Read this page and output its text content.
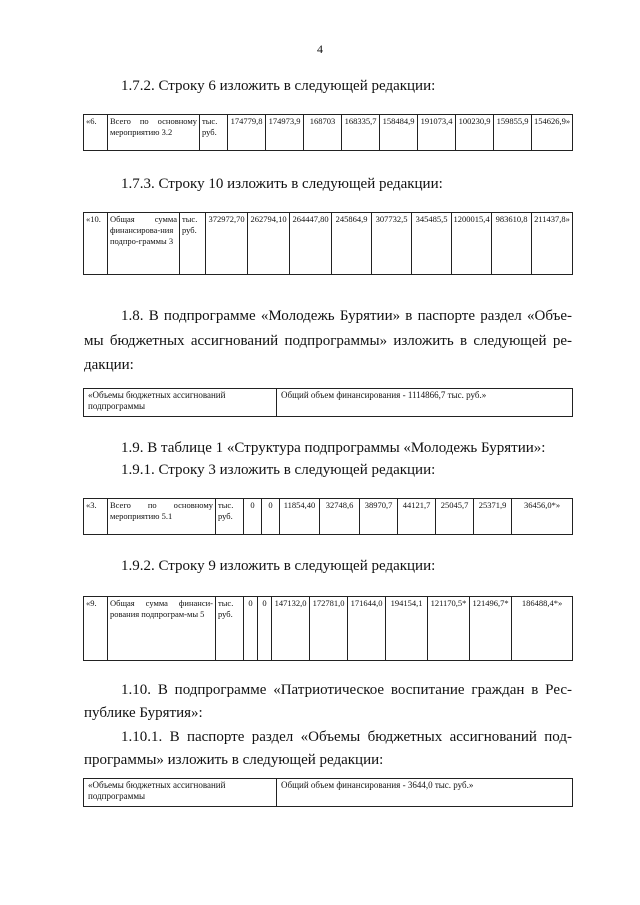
4

1.7.2. Строку 6 изложить в следующей редакции:

«6.	Всего по основному мероприятию 3.2	тыс. руб.	174779,8	174973,9	168703	168335,7	158484,9	191073,4	100230,9	159855,9	154626,9»

1.7.3. Строку 10 изложить в следующей редакции:

«10.	Общая сумма финансирова-ния подпро-граммы 3	тыс. руб.	372972,70	262794,10	264447,80	245864,9	307732,5	345485,5	1200015,4	983610,8	211437,8»

1.8. В подпрограмме «Молодежь Бурятии» в паспорте раздел «Объе-

мы бюджетных ассигнований подпрограммы» изложить в следующей ре-

дакции:

«Объемы бюджетных ассигнований подпрограммы	Общий объем финансирования - 1114866,7 тыс. руб.»

1.9. В таблице 1 «Структура подпрограммы «Молодежь Бурятии»:

1.9.1. Строку 3 изложить в следующей редакции:

«3.	Всего по основному мероприятию 5.1	тыс. руб.	0	0	11854,40	32748,6	38970,7	44121,7	25045,7	25371,9	36456,0*»

1.9.2. Строку 9 изложить в следующей редакции:

«9.	Общая сумма финанси-рования подпрограм-мы 5	тыс. руб.	0	0	147132,0	172781,0	171644,0	194154,1	121170,5*	121496,7*	186488,4*»

1.10. В подпрограмме «Патриотическое воспитание граждан в Рес-

публике Бурятия»:

1.10.1. В паспорте раздел «Объемы бюджетных ассигнований под-

программы» изложить в следующей редакции:

«Объемы бюджетных ассигнований подпрограммы	Общий объем финансирования - 3644,0 тыс. руб.»
